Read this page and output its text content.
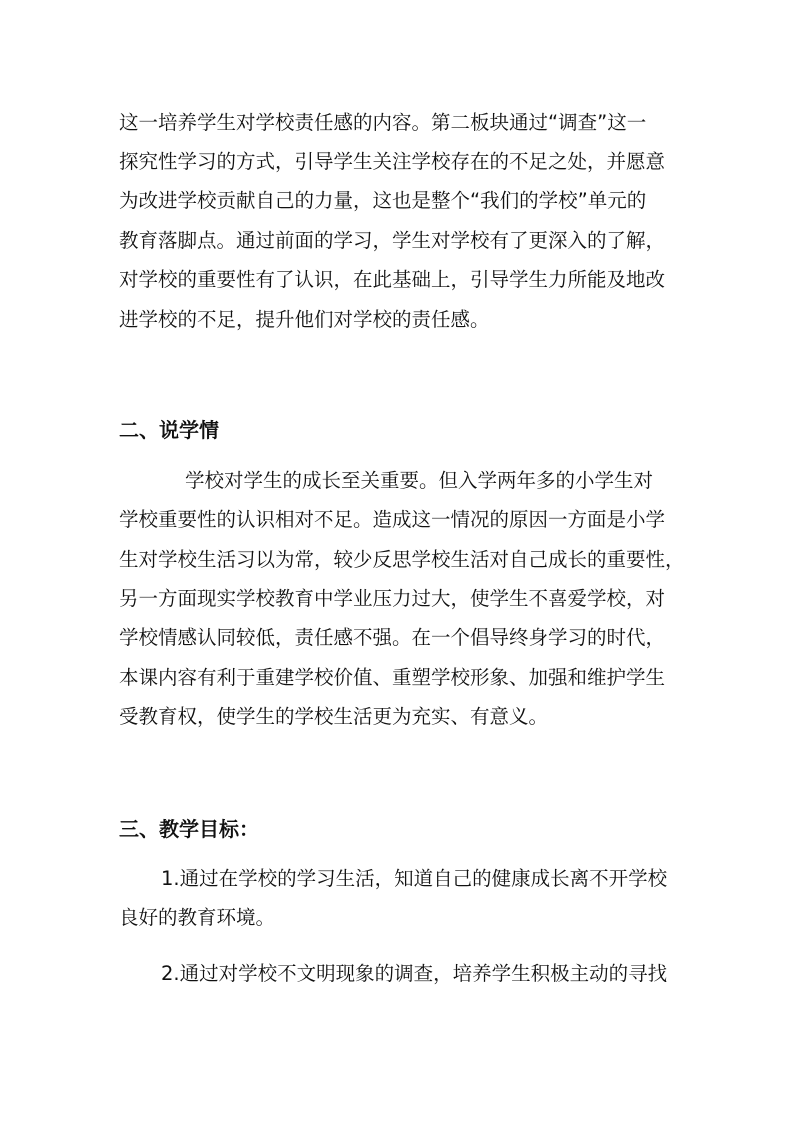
这一培养学生对学校责任感的内容。第二板块通过“调查”这一
探究性学习的方式，引导学生关注学校存在的不足之处，并愿意
为改进学校贡献自己的力量，这也是整个“我们的学校”单元的
教育落脚点。通过前面的学习，学生对学校有了更深入的了解，
对学校的重要性有了认识，在此基础上，引导学生力所能及地改
进学校的不足，提升他们对学校的责任感。
二、说学情
学校对学生的成长至关重要。但入学两年多的小学生对
学校重要性的认识相对不足。造成这一情况的原因一方面是小学
生对学校生活习以为常，较少反思学校生活对自己成长的重要性，
另一方面现实学校教育中学业压力过大，使学生不喜爱学校，对
学校情感认同较低，责任感不强。在一个倡导终身学习的时代，
本课内容有利于重建学校价值、重塑学校形象、加强和维护学生
受教育权，使学生的学校生活更为充实、有意义。
三、教学目标：
1.通过在学校的学习生活，知道自己的健康成长离不开学校
良好的教育环境。
2.通过对学校不文明现象的调查，培养学生积极主动的寻找
